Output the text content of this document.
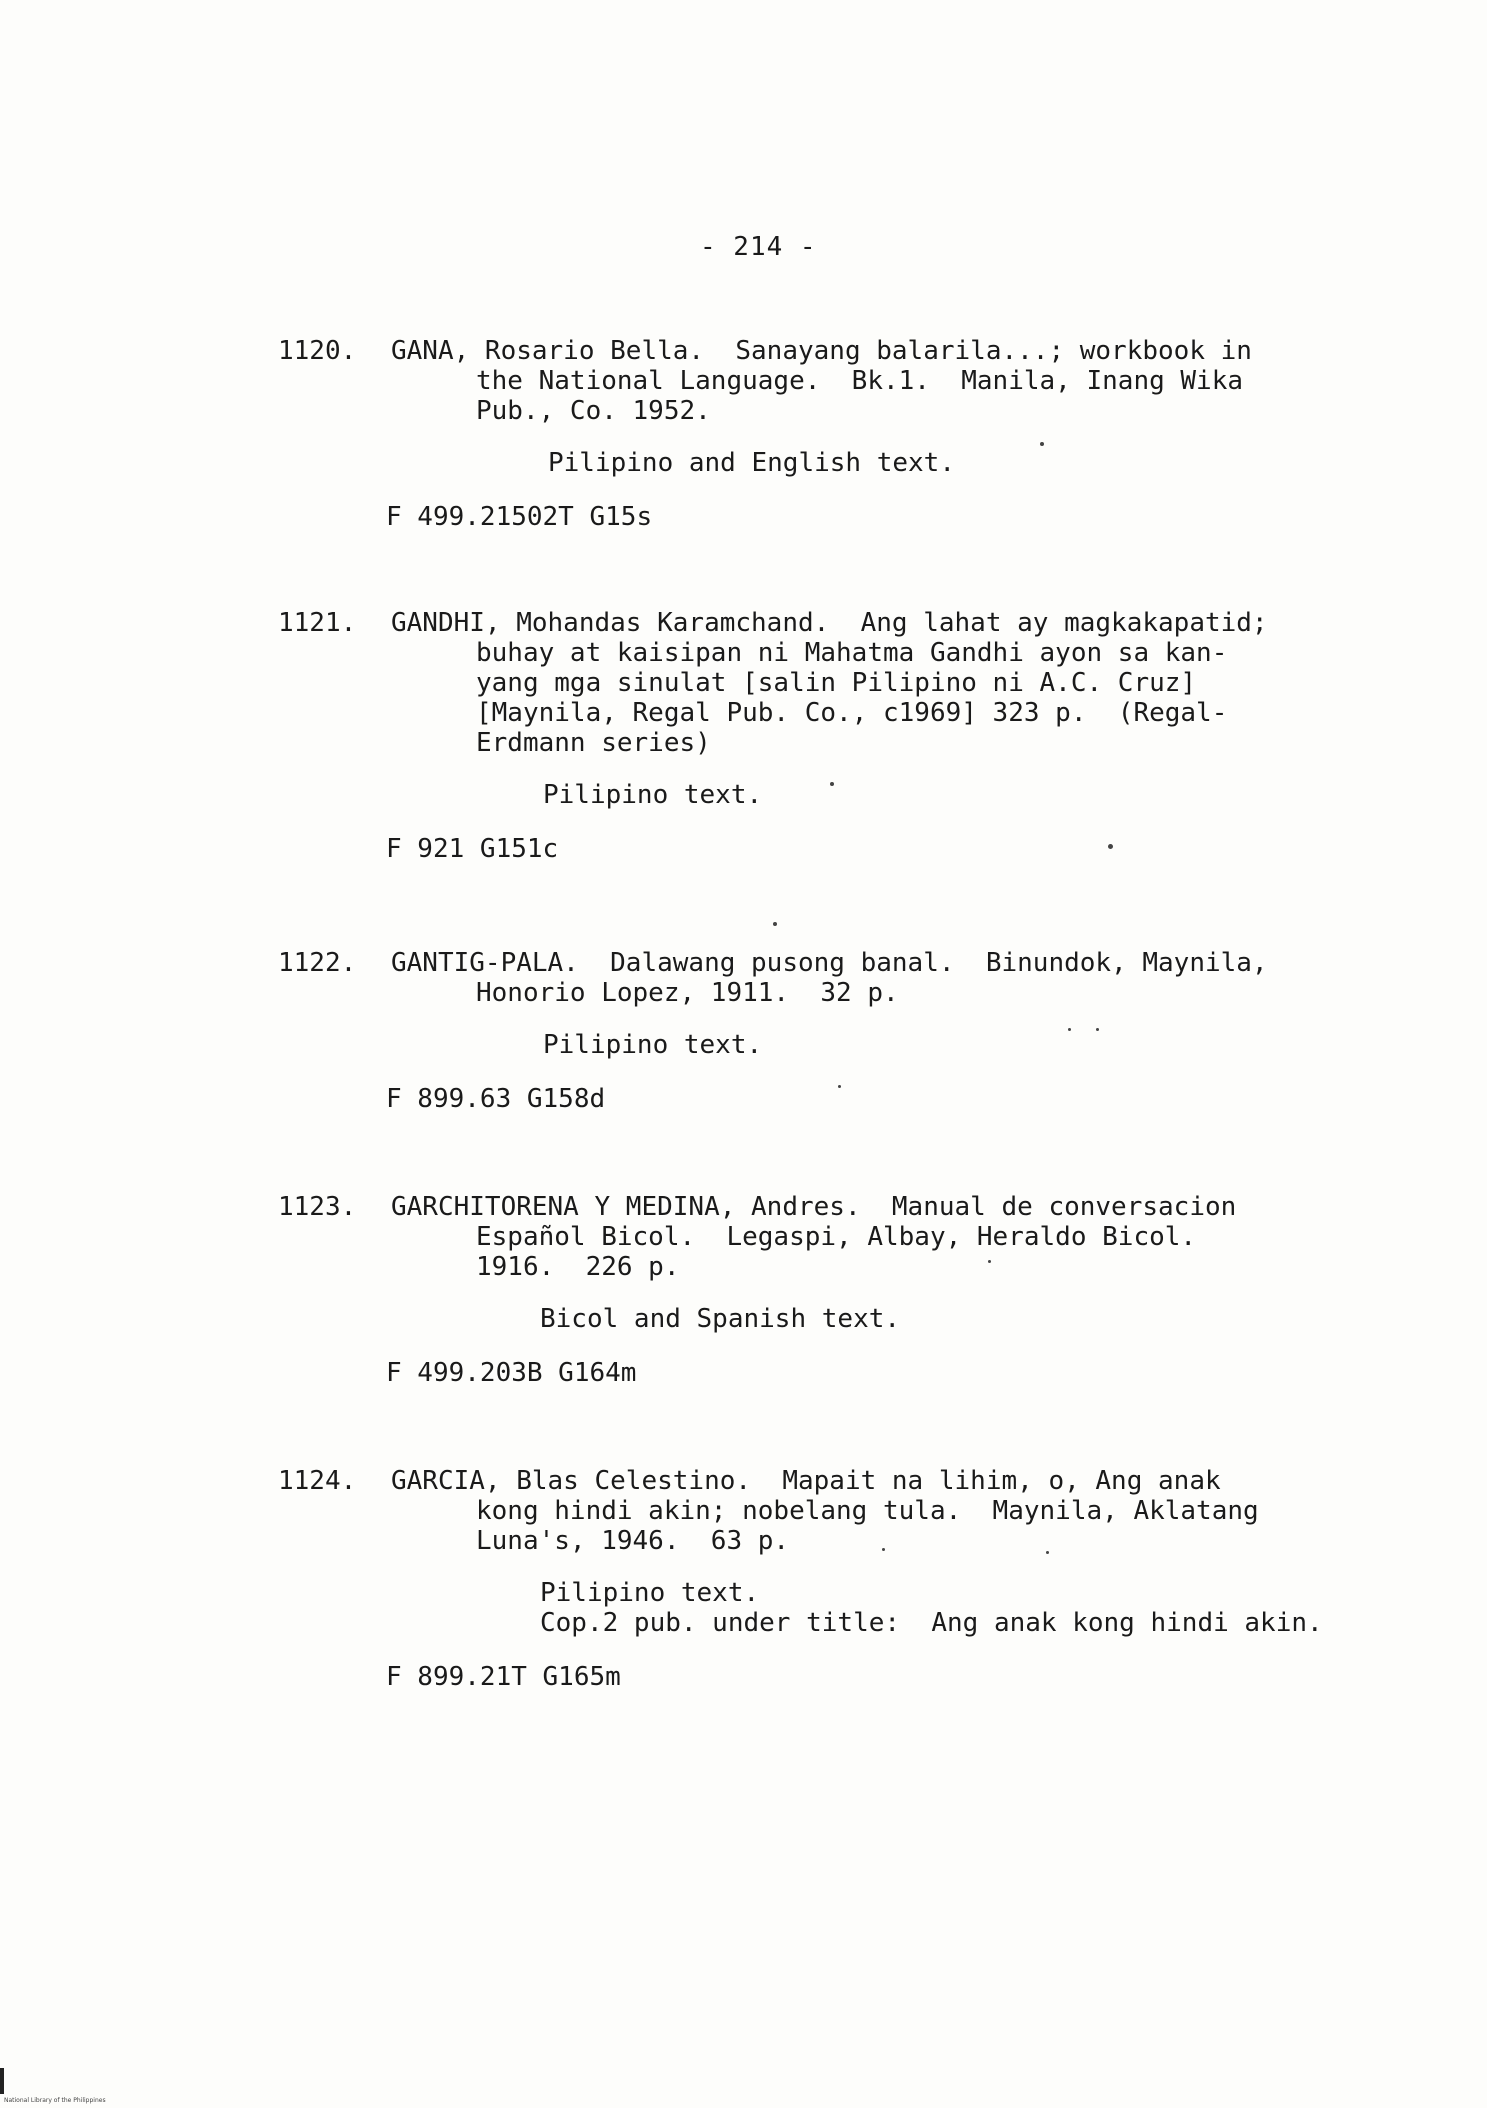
- 214 -
1120. GANA, Rosario Bella.  Sanayang balarila...; workbook in
the National Language.  Bk.1.  Manila, Inang Wika
Pub., Co. 1952.
Pilipino and English text.
F 499.21502T G15s
1121. GANDHI, Mohandas Karamchand.  Ang lahat ay magkakapatid;
buhay at kaisipan ni Mahatma Gandhi ayon sa kan-
yang mga sinulat [salin Pilipino ni A.C. Cruz]
[Maynila, Regal Pub. Co., c1969] 323 p.  (Regal-
Erdmann series)
Pilipino text.
F 921 G151c
1122. GANTIG-PALA.  Dalawang pusong banal.  Binundok, Maynila,
Honorio Lopez, 1911.  32 p.
Pilipino text.
F 899.63 G158d
1123. GARCHITORENA Y MEDINA, Andres.  Manual de conversacion
Español Bicol.  Legaspi, Albay, Heraldo Bicol.
1916.  226 p.
Bicol and Spanish text.
F 499.203B G164m
1124. GARCIA, Blas Celestino.  Mapait na lihim, o, Ang anak
kong hindi akin; nobelang tula.  Maynila, Aklatang
Luna's, 1946.  63 p.
Pilipino text.
Cop.2 pub. under title:  Ang anak kong hindi akin.
F 899.21T G165m
National Library of the Philippines
